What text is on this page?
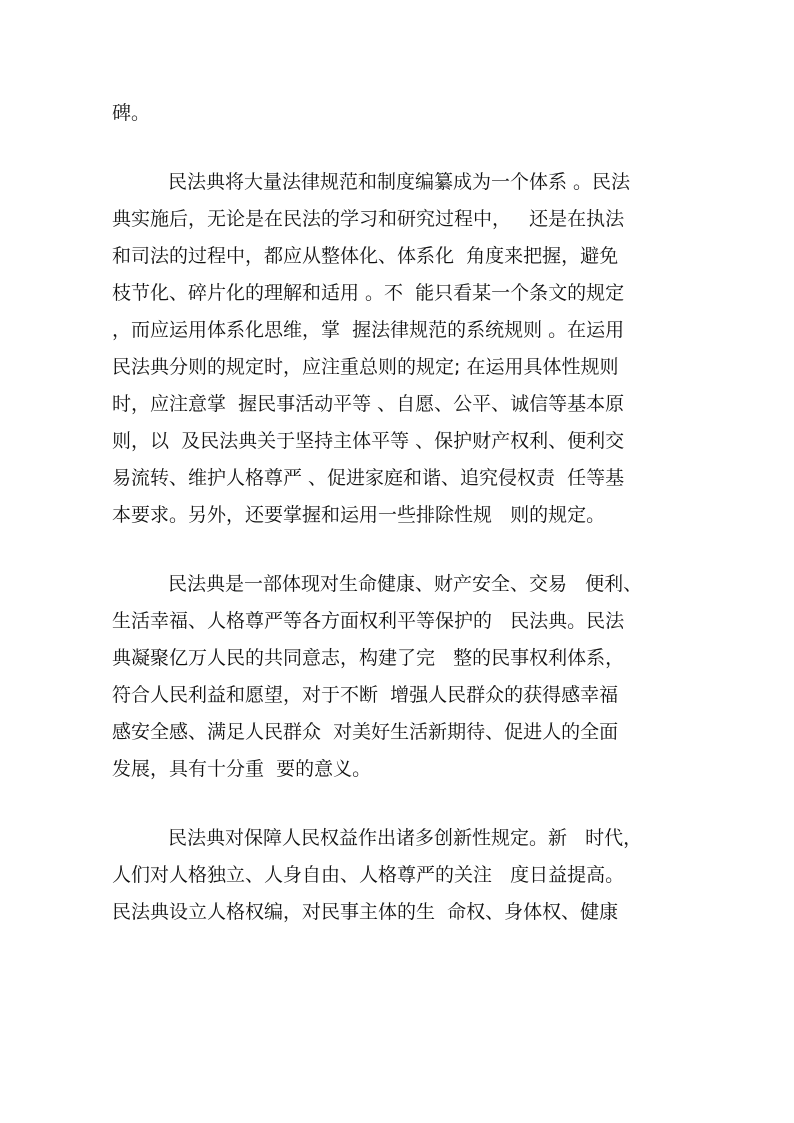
碑。
民法典将大量法律规范和制度编纂成为一个体系 。民法
典实施后，无论是在民法的学习和研究过程中，   还是在执法
和司法的过程中，都应从整体化、体系化  角度来把握，避免
枝节化、碎片化的理解和适用 。不  能只看某一个条文的规定
，而应运用体系化思维，掌  握法律规范的系统规则 。在运用
民法典分则的规定时，应注重总则的规定; 在运用具体性规则
时，应注意掌  握民事活动平等 、自愿、公平、诚信等基本原
则，以  及民法典关于坚持主体平等 、保护财产权利、便利交
易流转、维护人格尊严 、促进家庭和谐、追究侵权责  任等基
本要求。另外，还要掌握和运用一些排除性规   则的规定。
民法典是一部体现对生命健康、财产安全、交易   便利、
生活幸福、人格尊严等各方面权利平等保护的   民法典。民法
典凝聚亿万人民的共同意志，构建了完   整的民事权利体系，
符合人民利益和愿望，对于不断  增强人民群众的获得感幸福
感安全感、满足人民群众  对美好生活新期待、促进人的全面
发展，具有十分重  要的意义。
民法典对保障人民权益作出诸多创新性规定。新   时代，
人们对人格独立、人身自由、人格尊严的关注   度日益提高。
民法典设立人格权编，对民事主体的生  命权、身体权、健康
